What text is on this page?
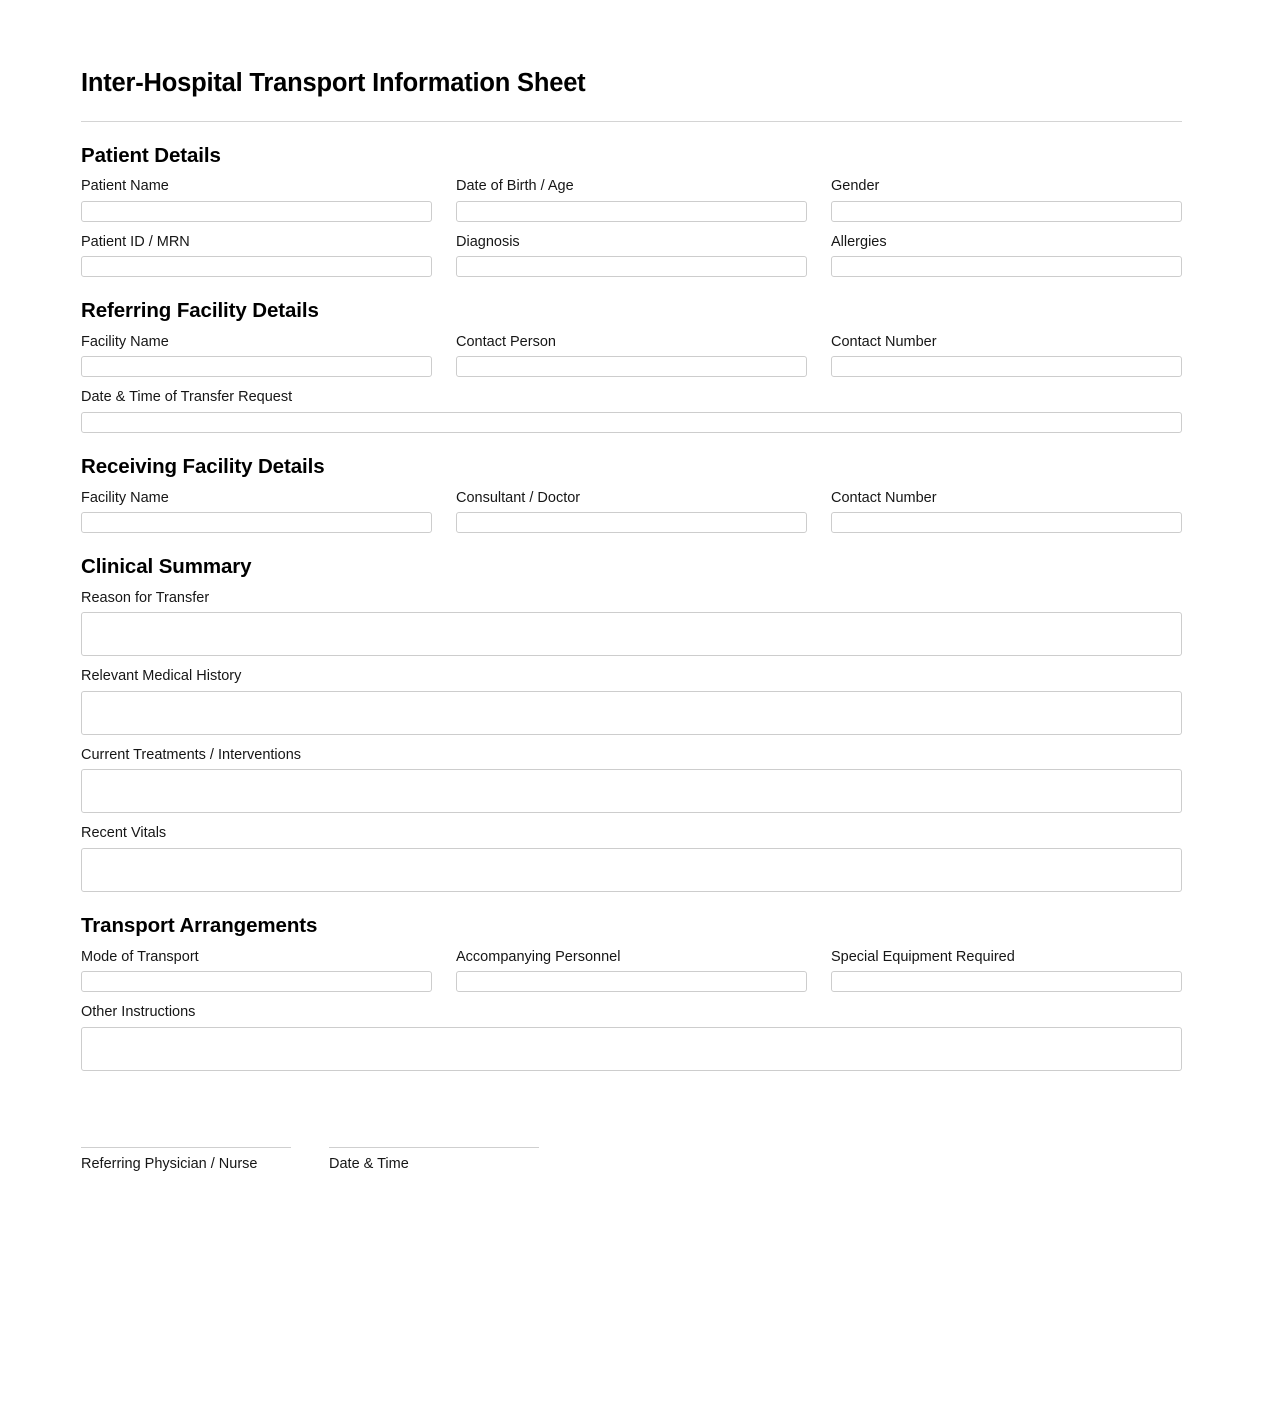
Inter-Hospital Transport Information Sheet
Patient Details
Patient Name	Date of Birth / Age	Gender
Patient ID / MRN	Diagnosis	Allergies
Referring Facility Details
Facility Name	Contact Person	Contact Number
Date & Time of Transfer Request
Receiving Facility Details
Facility Name	Consultant / Doctor	Contact Number
Clinical Summary
Reason for Transfer
Relevant Medical History
Current Treatments / Interventions
Recent Vitals
Transport Arrangements
Mode of Transport	Accompanying Personnel	Special Equipment Required
Other Instructions
Referring Physician / Nurse	Date & Time
